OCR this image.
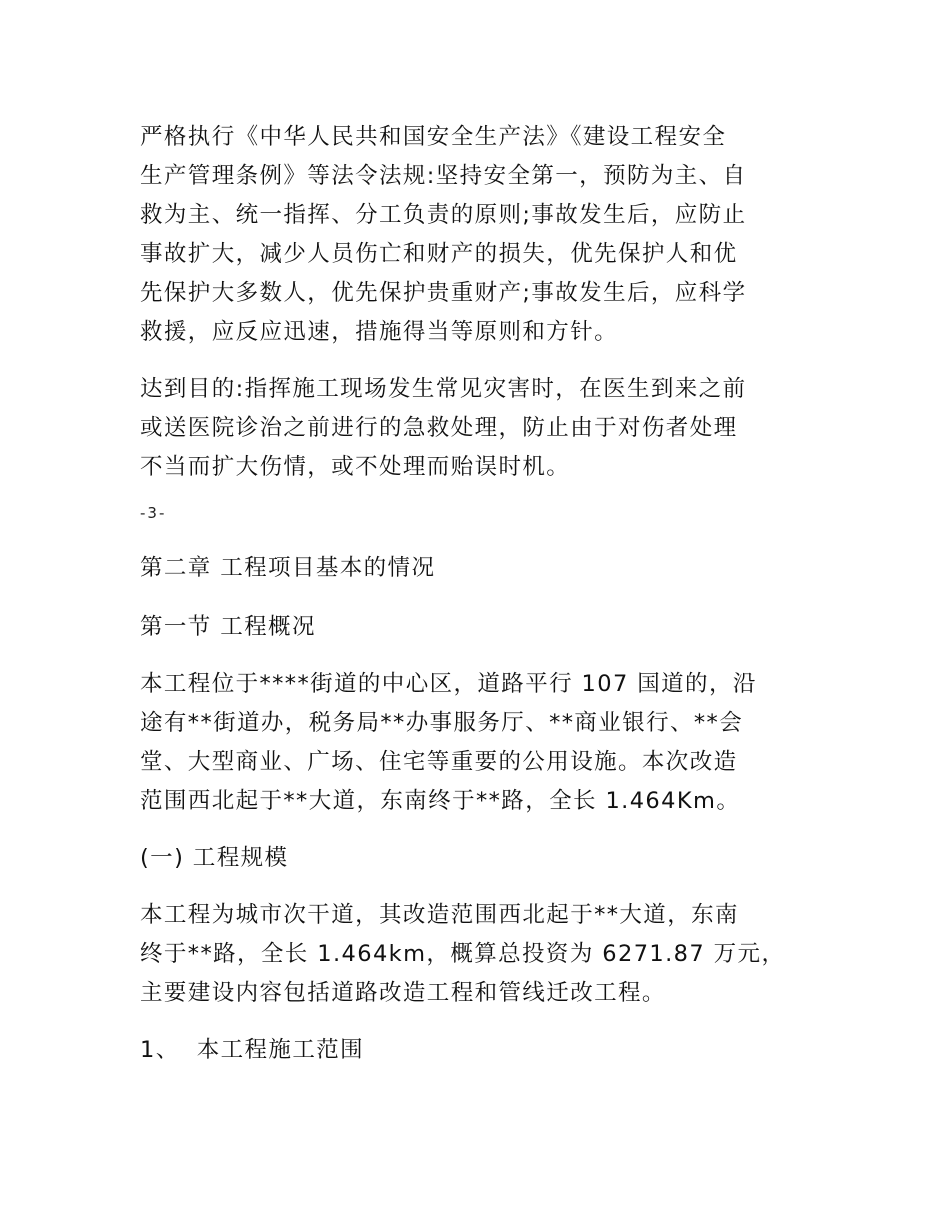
严格执行《中华人民共和国安全生产法》《建设工程安全
生产管理条例》等法令法规:坚持安全第一，预防为主、自
救为主、统一指挥、分工负责的原则;事故发生后，应防止
事故扩大，减少人员伤亡和财产的损失，优先保护人和优
先保护大多数人，优先保护贵重财产;事故发生后，应科学
救援，应反应迅速，措施得当等原则和方针。

达到目的:指挥施工现场发生常见灾害时，在医生到来之前
或送医院诊治之前进行的急救处理，防止由于对伤者处理
不当而扩大伤情，或不处理而贻误时机。

-3-

第二章 工程项目基本的情况

第一节 工程概况

本工程位于****街道的中心区，道路平行 107 国道的，沿
途有**街道办，税务局**办事服务厅、**商业银行、**会
堂、大型商业、广场、住宅等重要的公用设施。本次改造
范围西北起于**大道，东南终于**路，全长 1.464Km。

(一) 工程规模

本工程为城市次干道，其改造范围西北起于**大道，东南
终于**路，全长 1.464km，概算总投资为 6271.87 万元，
主要建设内容包括道路改造工程和管线迁改工程。

1、  本工程施工范围
